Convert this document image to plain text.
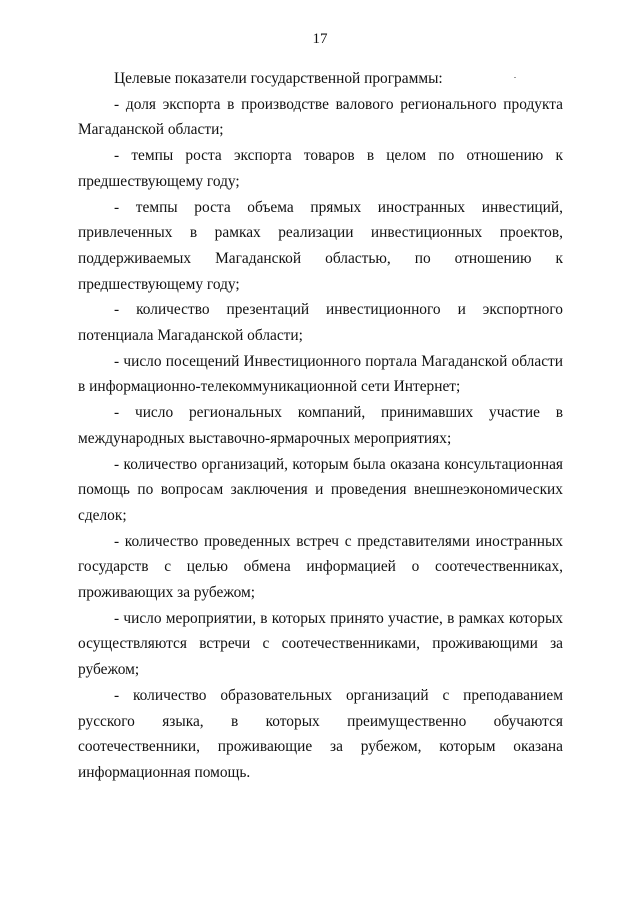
17

Целевые показатели государственной программы:

- доля экспорта в производстве валового регионального продукта Магаданской области;

- темпы роста экспорта товаров в целом по отношению к предшествующему году;

- темпы роста объема прямых иностранных инвестиций, привлеченных в рамках реализации инвестиционных проектов, поддерживаемых Магаданской областью, по отношению к предшествующему году;

- количество презентаций инвестиционного и экспортного потенциала Магаданской области;

- число посещений Инвестиционного портала Магаданской области в информационно-телекоммуникационной сети Интернет;

- число региональных компаний, принимавших участие в международных выставочно-ярмарочных мероприятиях;

- количество организаций, которым была оказана консультационная помощь по вопросам заключения и проведения внешнеэкономических сделок;

- количество проведенных встреч с представителями иностранных государств с целью обмена информацией о соотечественниках, проживающих за рубежом;

- число мероприятии, в которых принято участие, в рамках которых осуществляются встречи с соотечественниками, проживающими за рубежом;

- количество образовательных организаций с преподаванием русского языка, в которых преимущественно обучаются соотечественники, проживающие за рубежом, которым оказана информационная помощь.
